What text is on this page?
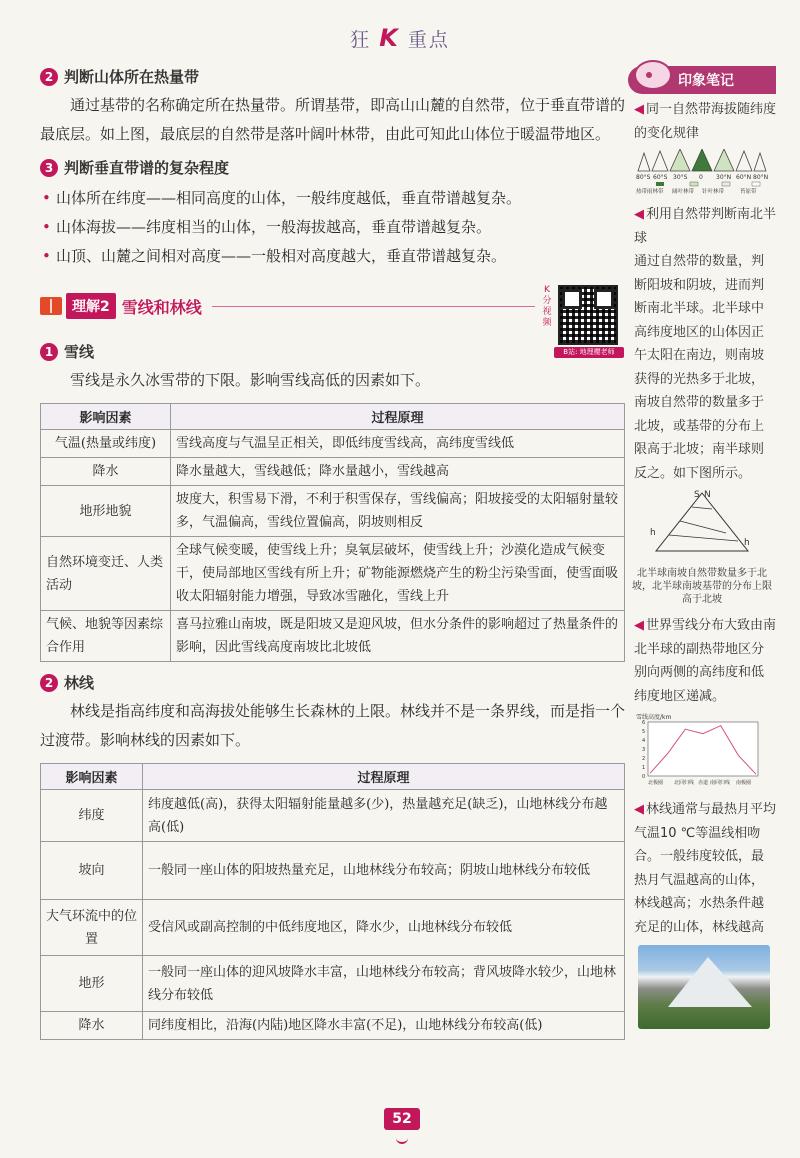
狂 K 重点
2 判断山体所在热量带

通过基带的名称确定所在热量带。所谓基带，即高山山麓的自然带，位于垂直带谱的最底层。如上图，最底层的自然带是落叶阔叶林带，由此可知此山体位于暖温带地区。

3 判断垂直带谱的复杂程度
• 山体所在纬度——相同高度的山体，一般纬度越低，垂直带谱越复杂。
• 山体海拔——纬度相当的山体，一般海拔越高，垂直带谱越复杂。
• 山顶、山麓之间相对高度——一般相对高度越大，垂直带谱越复杂。
理解2 雪线和林线
K分视频
B站: 地理樱老师
1 雪线

雪线是永久冰雪带的下限。影响雪线高低的因素如下。

影响因素	过程原理
气温(热量或纬度)	雪线高度与气温呈正相关，即低纬度雪线高，高纬度雪线低
降水	降水量越大，雪线越低；降水量越小，雪线越高
地形地貌	坡度大，积雪易下滑，不利于积雪保存，雪线偏高；阳坡接受的太阳辐射量较多，气温偏高，雪线位置偏高，阴坡则相反
自然环境变迁、人类活动	全球气候变暖，使雪线上升；臭氧层破坏，使雪线上升；沙漠化造成气候变干，使局部地区雪线有所上升；矿物能源燃烧产生的粉尘污染雪面，使雪面吸收太阳辐射能力增强，导致冰雪融化，雪线上升
气候、地貌等因素综合作用	喜马拉雅山南坡，既是阳坡又是迎风坡，但水分条件的影响超过了热量条件的影响，因此雪线高度南坡比北坡低
2 林线

林线是指高纬度和高海拔处能够生长森林的上限。林线并不是一条界线，而是指一个过渡带。影响林线的因素如下。

影响因素	过程原理
纬度	纬度越低(高)，获得太阳辐射能量越多(少)，热量越充足(缺乏)，山地林线分布越高(低)
坡向	一般同一座山体的阳坡热量充足，山地林线分布较高；阴坡山地林线分布较低
大气环流中的位置	受信风或副高控制的中低纬度地区，降水少，山地林线分布较低
地形	一般同一座山体的迎风坡降水丰富，山地林线分布较高；背风坡降水较少，山地林线分布较低
降水	同纬度相比，沿海(内陆)地区降水丰富(不足)，山地林线分布较高(低)
印象笔记
◀ 同一自然带海拔随纬度的变化规律
80°S 60°S 30°S 0 30°N 60°N 80°N
热带雨林带 阔叶林带 针叶林带	苔原带
◀ 利用自然带判断南北半球
通过自然带的数量，判断阳坡和阴坡，进而判断南北半球。北半球中高纬度地区的山体因正午太阳在南边，则南坡获得的光热多于北坡，南坡自然带的数量多于北坡，或基带的分布上限高于北坡；南半球则反之。如下图所示。
S N
h
h
北半球南坡自然带数量多于北坡，北半球南坡基带的分布上限高于北坡
◀ 世界雪线分布大致由南北半球的副热带地区分别向两侧的高纬度和低纬度地区递减。
雪线高度/km
6
5
4
3
2
1
0
北极圈 北回归线 赤道 南回归线 南极圈
◀ 林线通常与最热月平均气温10 ℃等温线相吻合。一般纬度较低，最热月气温越高的山体，林线越高；水热条件越充足的山体，林线越高
52
